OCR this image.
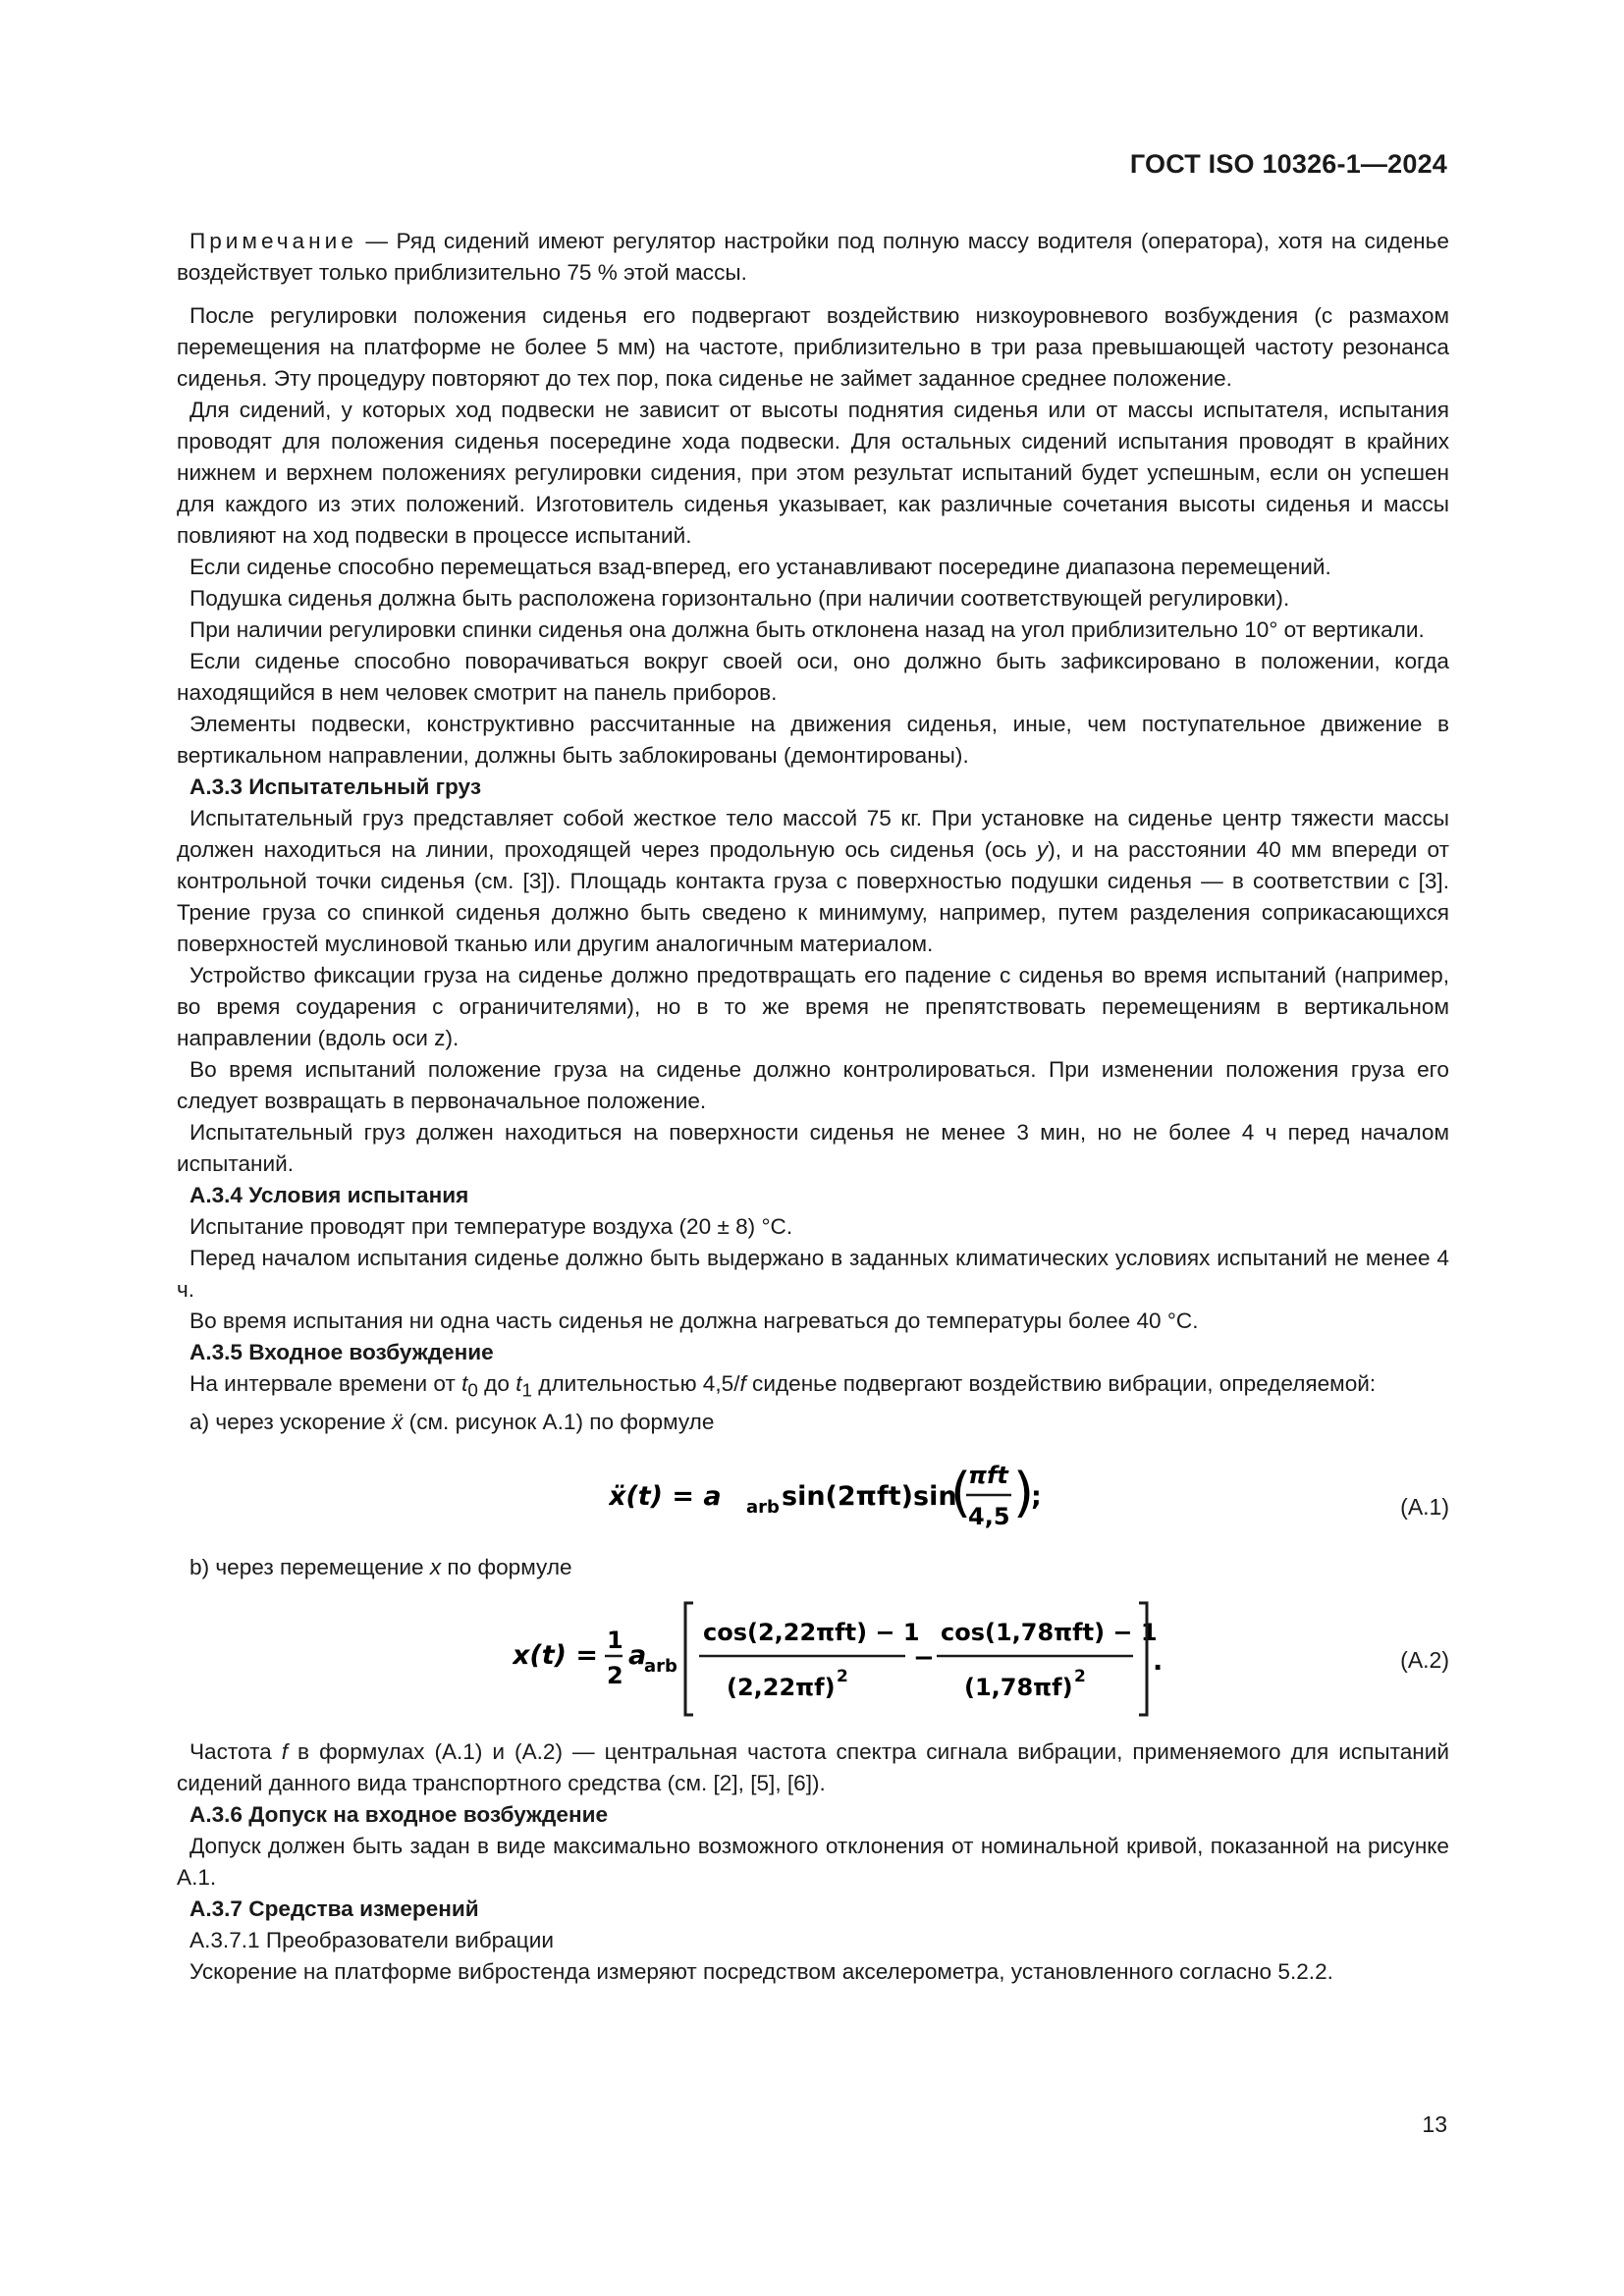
ГОСТ ISO 10326-1—2024

Примечание — Ряд сидений имеют регулятор настройки под полную массу водителя (оператора), хотя на сиденье воздействует только приблизительно 75 % этой массы.

После регулировки положения сиденья его подвергают воздействию низкоуровневого возбуждения (с размахом перемещения на платформе не более 5 мм) на частоте, приблизительно в три раза превышающей частоту резонанса сиденья. Эту процедуру повторяют до тех пор, пока сиденье не займет заданное среднее положение.

Для сидений, у которых ход подвески не зависит от высоты поднятия сиденья или от массы испытателя, испытания проводят для положения сиденья посередине хода подвески. Для остальных сидений испытания проводят в крайних нижнем и верхнем положениях регулировки сидения, при этом результат испытаний будет успешным, если он успешен для каждого из этих положений. Изготовитель сиденья указывает, как различные сочетания высоты сиденья и массы повлияют на ход подвески в процессе испытаний.

Если сиденье способно перемещаться взад-вперед, его устанавливают посередине диапазона перемещений.

Подушка сиденья должна быть расположена горизонтально (при наличии соответствующей регулировки).

При наличии регулировки спинки сиденья она должна быть отклонена назад на угол приблизительно 10° от вертикали.

Если сиденье способно поворачиваться вокруг своей оси, оно должно быть зафиксировано в положении, когда находящийся в нем человек смотрит на панель приборов.

Элементы подвески, конструктивно рассчитанные на движения сиденья, иные, чем поступательное движение в вертикальном направлении, должны быть заблокированы (демонтированы).

А.3.3 Испытательный груз

Испытательный груз представляет собой жесткое тело массой 75 кг. При установке на сиденье центр тяжести массы должен находиться на линии, проходящей через продольную ось сиденья (ось y), и на расстоянии 40 мм впереди от контрольной точки сиденья (см. [3]). Площадь контакта груза с поверхностью подушки сиденья — в соответствии с [3]. Трение груза со спинкой сиденья должно быть сведено к минимуму, например, путем разделения соприкасающихся поверхностей муслиновой тканью или другим аналогичным материалом.

Устройство фиксации груза на сиденье должно предотвращать его падение с сиденья во время испытаний (например, во время соударения с ограничителями), но в то же время не препятствовать перемещениям в вертикальном направлении (вдоль оси z).

Во время испытаний положение груза на сиденье должно контролироваться. При изменении положения груза его следует возвращать в первоначальное положение.

Испытательный груз должен находиться на поверхности сиденья не менее 3 мин, но не более 4 ч перед началом испытаний.

А.3.4 Условия испытания

Испытание проводят при температуре воздуха (20 ± 8) °С.

Перед началом испытания сиденье должно быть выдержано в заданных климатических условиях испытаний не менее 4 ч.

Во время испытания ни одна часть сиденья не должна нагреваться до температуры более 40 °С.

А.3.5 Входное возбуждение

На интервале времени от $t_0$ до $t_1$ длительностью 4,5/f сиденье подвергают воздействию вибрации, определяемой:

a) через ускорение ẍ (см. рисунок А.1) по формуле
ẍ(t) = a arb sin(2πft)sin
(
πft
4,5 )
;	(А.1)
b) через перемещение x по формуле
x(t) = 1
2
a
arb
cos(2,22πft) − 1
(2,22πf) 2
−
cos(1,78πft) − 1
(1,78πf) 2	.	(А.2)

Частота f в формулах (А.1) и (А.2) — центральная частота спектра сигнала вибрации, применяемого для испытаний сидений данного вида транспортного средства (см. [2], [5], [6]).

А.3.6 Допуск на входное возбуждение

Допуск должен быть задан в виде максимально возможного отклонения от номинальной кривой, показанной на рисунке А.1.

А.3.7 Средства измерений

А.3.7.1 Преобразователи вибрации

Ускорение на платформе вибростенда измеряют посредством акселерометра, установленного согласно 5.2.2.

13
